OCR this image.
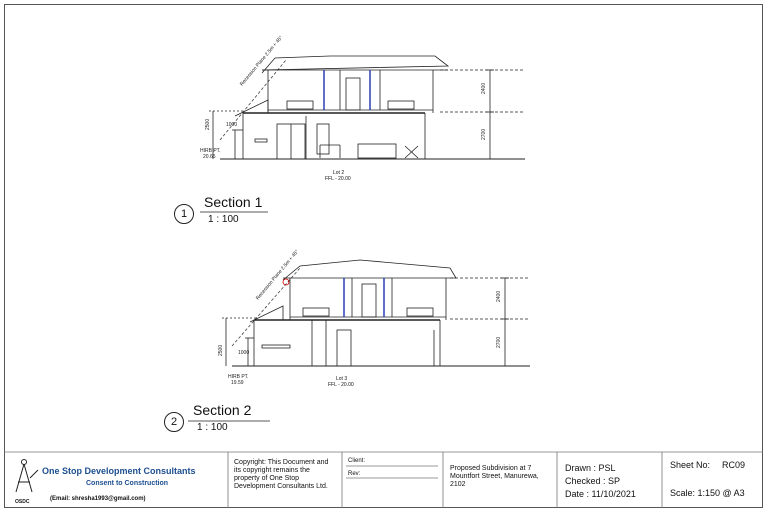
2400
2700
2500	1000
HIRB PT.
20.65
Recession Plane 2.5m + 45°
Lot 2
FFL - 20.00
2400
2700
2500	1000
HIRB PT.
19.59
Recession Plane 2.5m + 45°
Lot 3
FFL - 20.00
1
Section 1
1 : 100
2
Section 2
1 : 100
One Stop Development Consultants
Consent to Construction
(Email: shresha1993@gmail.com)
OSDC
Copyright: This Document and its copyright remains the property of One Stop Development Consultants Ltd.
Client:
Rev:
Proposed Subdivision at 7 Mountfort Street, Manurewa, 2102
Drawn : PSL
Checked : SP
Date : 11/10/2021
Sheet No: RC09
Scale: 1:150 @ A3
